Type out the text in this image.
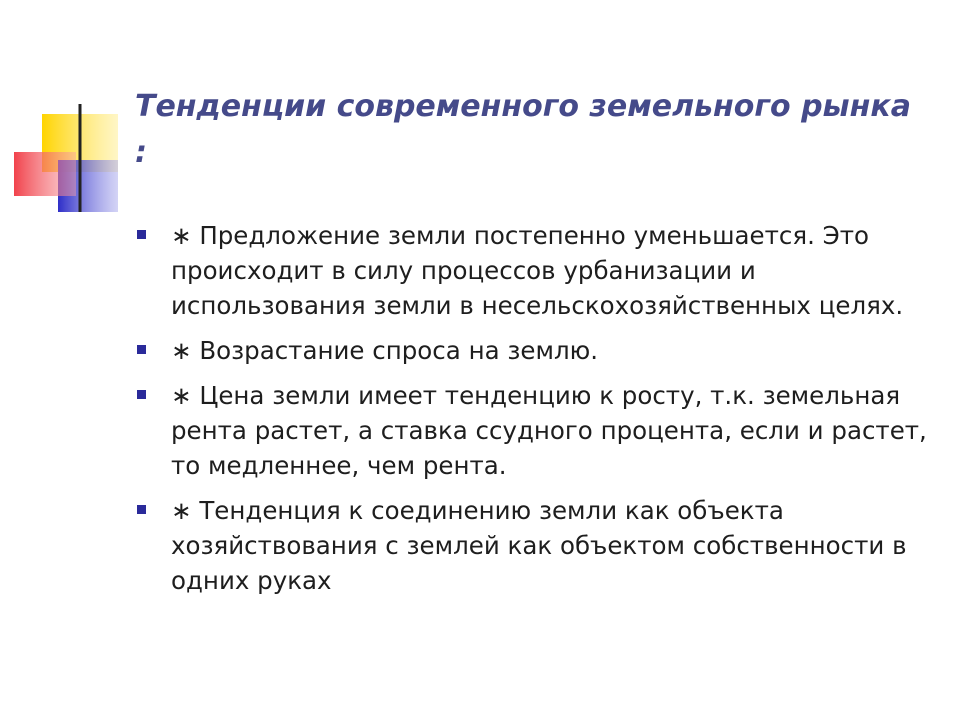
Тенденции современного земельного рынка :
∗ Предложение земли постепенно уменьшается. Это происходит в силу процессов урбанизации и использования земли в несельскохозяйственных целях.
∗ Возрастание спроса на землю.
∗ Цена земли имеет тенденцию к росту, т.к. земельная рента растет, а ставка ссудного процента, если и растет, то медленнее, чем рента.
∗ Тенденция к соединению земли как объекта хозяйствования с землей как объектом собственности в одних руках
